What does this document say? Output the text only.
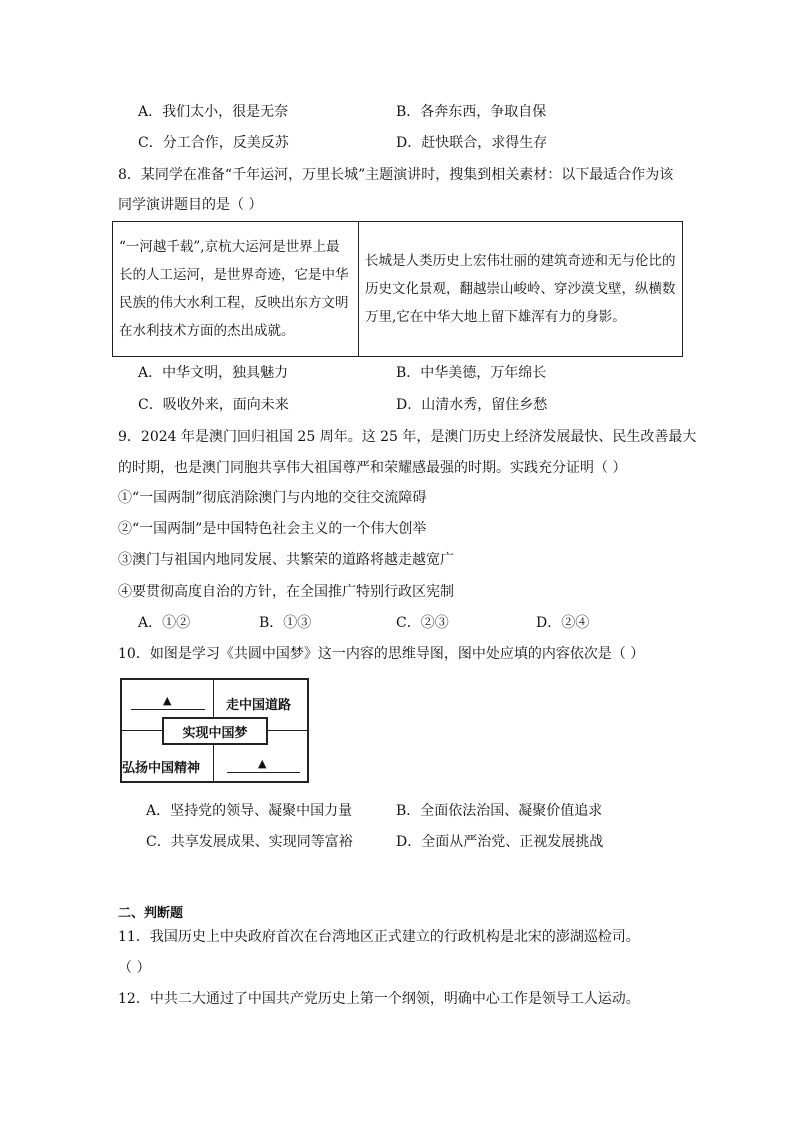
A．我们太小，很是无奈	B．各奔东西，争取自保
C．分工合作，反美反苏	D．赶快联合，求得生存
8．某同学在准备“千年运河，万里长城”主题演讲时，搜集到相关素材：以下最适合作为该
同学演讲题目的是（ ）
“一河越千载”,京杭大运河是世界上最长的人工运河，是世界奇迹，它是中华民族的伟大水利工程，反映出东方文明在水利技术方面的杰出成就。	长城是人类历史上宏伟壮丽的建筑奇迹和无与伦比的历史文化景观，翻越崇山峻岭、穿沙漠戈壁，纵横数万里,它在中华大地上留下雄浑有力的身影。
A．中华文明，独具魅力	B．中华美德，万年绵长
C．吸收外来，面向未来	D．山清水秀，留住乡愁
9．2024 年是澳门回归祖国 25 周年。这 25 年，是澳门历史上经济发展最快、民生改善最大
的时期，也是澳门同胞共享伟大祖国尊严和荣耀感最强的时期。实践充分证明（ ）
①“一国两制”彻底消除澳门与内地的交往交流障碍
②“一国两制”是中国特色社会主义的一个伟大创举
③澳门与祖国内地同发展、共繁荣的道路将越走越宽广
④要贯彻高度自治的方针，在全国推广特别行政区宪制
A．①②	B．①③	C．②③	D．②④
10．如图是学习《共圆中国梦》这一内容的思维导图，图中处应填的内容依次是（ ）
▲	走中国道路
实现中国梦
弘扬中国精神	▲
A．坚持党的领导、凝聚中国力量	B．全面依法治国、凝聚价值追求
C．共享发展成果、实现同等富裕	D．全面从严治党、正视发展挑战
二、判断题
11．我国历史上中央政府首次在台湾地区正式建立的行政机构是北宋的澎湖巡检司。
（ ）
12．中共二大通过了中国共产党历史上第一个纲领，明确中心工作是领导工人运动。
